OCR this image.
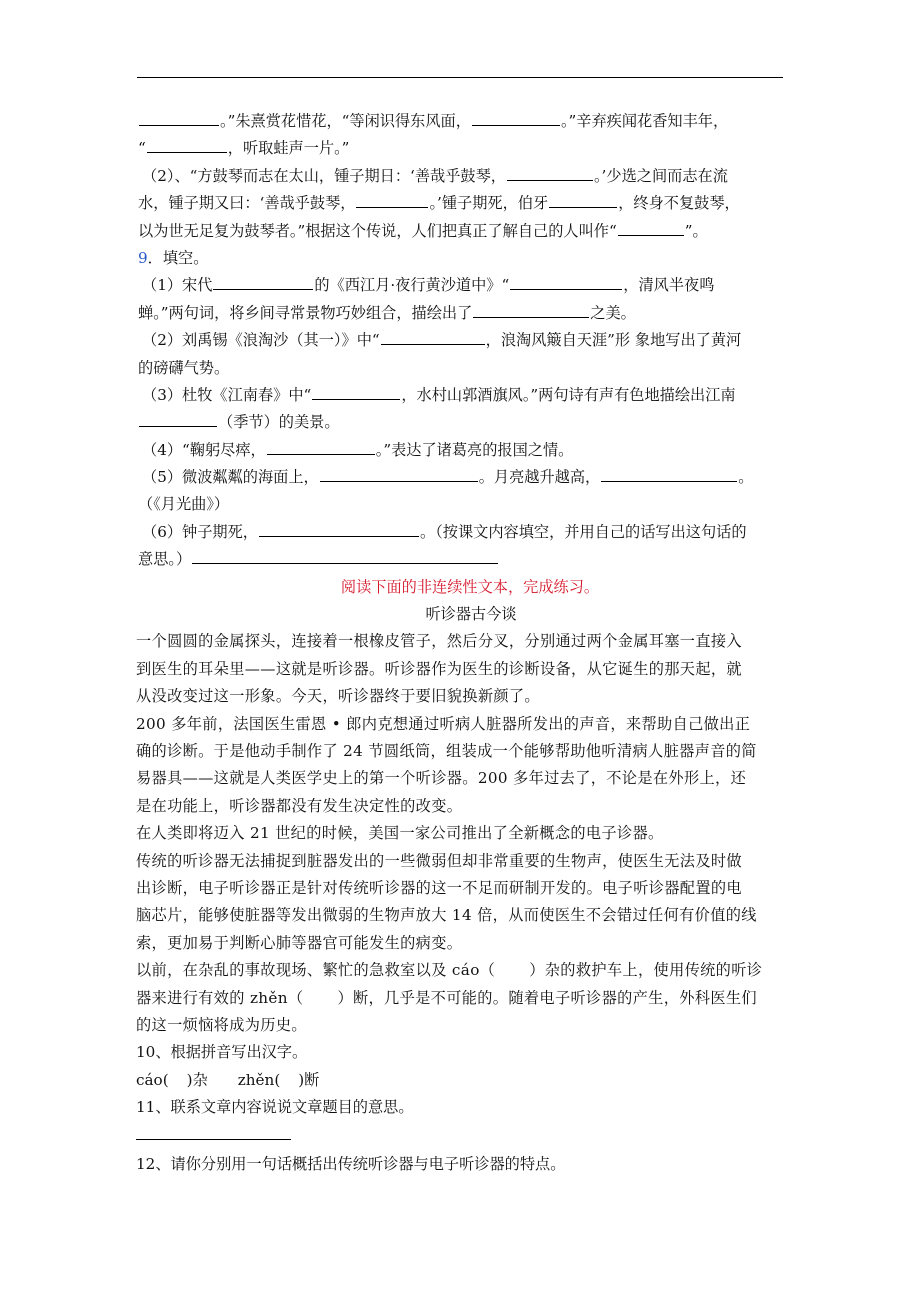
。”朱熹赏花惜花，“等闲识得东风面，	。”辛弃疾闻花香知丰年，
“	，听取蛙声一片。”
（2）、“方鼓琴而志在太山，锺子期日：‘善哉乎鼓琴，	。’少选之间而志在流
水，锺子期又曰：‘善哉乎鼓琴，	。’锺子期死，伯牙	，终身不复鼓琴，
以为世无足复为鼓琴者。”根据这个传说，人们把真正了解自己的人叫作“	”。
9．填空。
（1）宋代	的《西江月·夜行黄沙道中》“	，清风半夜鸣
蝉。”两句词，将乡间寻常景物巧妙组合，描绘出了	之美。
（2）刘禹锡《浪淘沙（其一）》中“	，浪淘风簸自天涯”形 象地写出了黄河
的磅礴气势。
（3）杜牧《江南春》中“	，水村山郭酒旗风。”两句诗有声有色地描绘出江南
（季节）的美景。
（4）“鞠躬尽瘁，	。”表达了诸葛亮的报国之情。
（5）微波粼粼的海面上，	。月亮越升越高，	。
（《月光曲》）
（6）钟子期死，	。（按课文内容填空，并用自己的话写出这句话的
意思。）
阅读下面的非连续性文本，完成练习。
听诊器古今谈
一个圆圆的金属探头，连接着一根橡皮管子，然后分叉，分别通过两个金属耳塞一直接入
到医生的耳朵里——这就是听诊器。听诊器作为医生的诊断设备，从它诞生的那天起，就
从没改变过这一形象。今天，听诊器终于要旧貌换新颜了。
200 多年前，法国医生雷恩 • 郎内克想通过听病人脏器所发出的声音，来帮助自己做出正
确的诊断。于是他动手制作了 24 节圆纸筒，组装成一个能够帮助他听清病人脏器声音的简
易器具——这就是人类医学史上的第一个听诊器。200 多年过去了，不论是在外形上，还
是在功能上，听诊器都没有发生决定性的改变。
在人类即将迈入 21 世纪的时候，美国一家公司推出了全新概念的电子诊器。
传统的听诊器无法捕捉到脏器发出的一些微弱但却非常重要的生物声，使医生无法及时做
出诊断，电子听诊器正是针对传统听诊器的这一不足而研制开发的。电子听诊器配置的电
脑芯片，能够使脏器等发出微弱的生物声放大 14 倍，从而使医生不会错过任何有价值的线
索，更加易于判断心肺等器官可能发生的病变。
以前，在杂乱的事故现场、繁忙的急救室以及 cáo（ ）杂的救护车上，使用传统的听诊
器来进行有效的 zhěn（ ）断，几乎是不可能的。随着电子听诊器的产生，外科医生们
的这一烦恼将成为历史。
10、根据拼音写出汉字。
cáo( )杂 zhěn( )断
11、联系文章内容说说文章题目的意思。
12、请你分别用一句话概括出传统听诊器与电子听诊器的特点。
